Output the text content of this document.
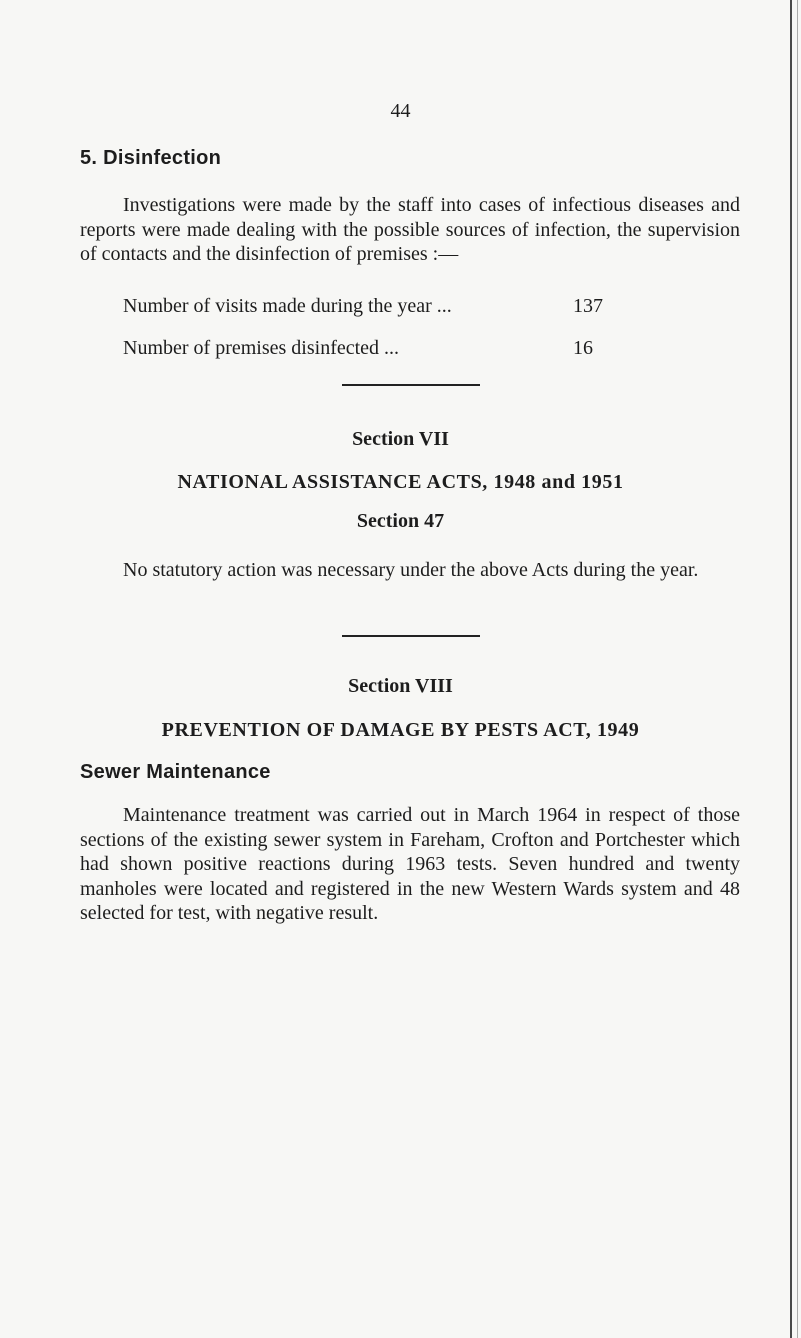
44
5. Disinfection

Investigations were made by the staff into cases of infectious diseases and reports were made dealing with the possible sources of infection, the supervision of contacts and the disinfection of premises :—

Number of visits made during the year ...	137
Number of premises disinfected ...	16
Section VII
NATIONAL ASSISTANCE ACTS, 1948 and 1951
Section 47

No statutory action was necessary under the above Acts during the year.

Section VIII
PREVENTION OF DAMAGE BY PESTS ACT, 1949
Sewer Maintenance

Maintenance treatment was carried out in March 1964 in respect of those sections of the existing sewer system in Fareham, Crofton and Portchester which had shown positive reactions during 1963 tests. Seven hundred and twenty manholes were located and registered in the new Western Wards system and 48 selected for test, with negative result.
